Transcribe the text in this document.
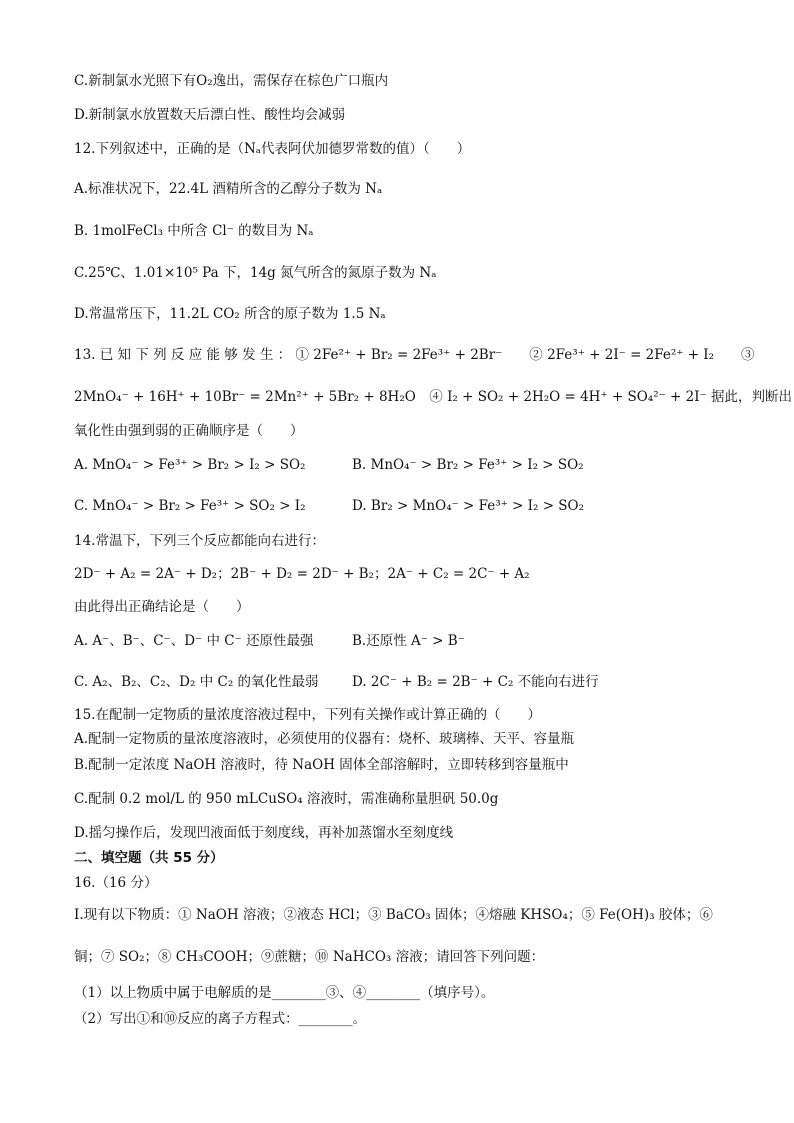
C.新制氯水光照下有O₂逸出，需保存在棕色广口瓶内
D.新制氯水放置数天后漂白性、酸性均会减弱
12.下列叙述中，正确的是（Nₐ代表阿伏加德罗常数的值）（　　）
A.标准状况下，22.4L 酒精所含的乙醇分子数为 Nₐ
B. 1molFeCl₃ 中所含 Cl⁻ 的数目为 Nₐ
C.25℃、1.01×10⁵ Pa 下，14g 氮气所含的氮原子数为 Nₐ
D.常温常压下，11.2L CO₂ 所含的原子数为 1.5 Nₐ
13. 已 知 下 列 反 应 能 够 发 生 ： ① 2Fe²⁺ + Br₂ = 2Fe³⁺ + 2Br⁻　　② 2Fe³⁺ + 2I⁻ = 2Fe²⁺ + I₂　　③
2MnO₄⁻ + 16H⁺ + 10Br⁻ = 2Mn²⁺ + 5Br₂ + 8H₂O　④ I₂ + SO₂ + 2H₂O = 4H⁺ + SO₄²⁻ + 2I⁻ 据此，判断出
氧化性由强到弱的正确顺序是（　　）
A. MnO₄⁻ > Fe³⁺ > Br₂ > I₂ > SO₂	B. MnO₄⁻ > Br₂ > Fe³⁺ > I₂ > SO₂
C. MnO₄⁻ > Br₂ > Fe³⁺ > SO₂ > I₂	D. Br₂ > MnO₄⁻ > Fe³⁺ > I₂ > SO₂
14.常温下，下列三个反应都能向右进行：
2D⁻ + A₂ = 2A⁻ + D₂；2B⁻ + D₂ = 2D⁻ + B₂；2A⁻ + C₂ = 2C⁻ + A₂
由此得出正确结论是（　　）
A. A⁻、B⁻、C⁻、D⁻ 中 C⁻ 还原性最强	B.还原性 A⁻ > B⁻
C. A₂、B₂、C₂、D₂ 中 C₂ 的氧化性最弱 D. 2C⁻ + B₂ = 2B⁻ + C₂ 不能向右进行
15.在配制一定物质的量浓度溶液过程中，下列有关操作或计算正确的（　　）
A.配制一定物质的量浓度溶液时，必须使用的仪器有：烧杯、玻璃棒、天平、容量瓶
B.配制一定浓度 NaOH 溶液时，待 NaOH 固体全部溶解时，立即转移到容量瓶中
C.配制 0.2 mol/L 的 950 mLCuSO₄ 溶液时，需准确称量胆矾 50.0g
D.摇匀操作后，发现凹液面低于刻度线，再补加蒸馏水至刻度线
二、填空题（共 55 分）
16.（16 分）
I.现有以下物质：① NaOH 溶液；②液态 HCl；③ BaCO₃ 固体；④熔融 KHSO₄；⑤ Fe(OH)₃ 胶体；⑥
铜；⑦ SO₂；⑧ CH₃COOH；⑨蔗糖；⑩ NaHCO₃ 溶液；请回答下列问题：
（1）以上物质中属于电解质的是________③、④________（填序号）。
（2）写出①和⑩反应的离子方程式：________。
